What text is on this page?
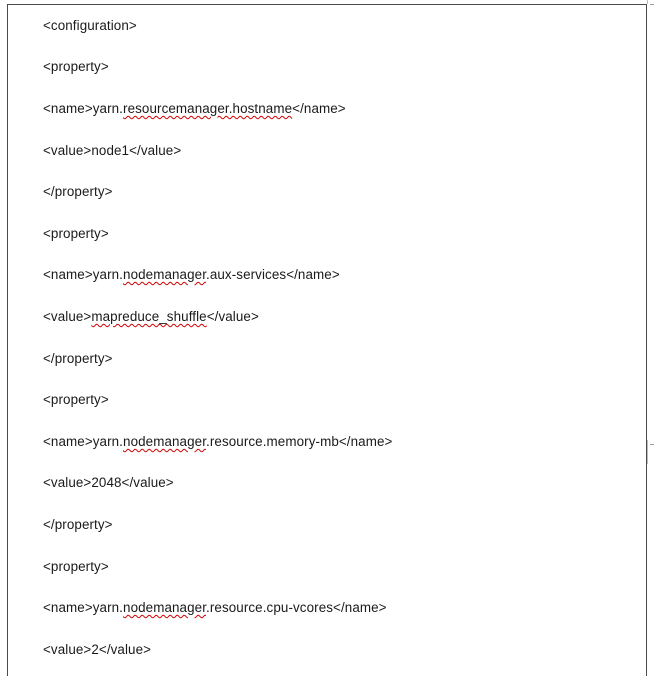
<configuration>
<property>
<name>yarn.resourcemanager.hostname</name>
<value>node1</value>
</property>
<property>
<name>yarn.nodemanager.aux-services</name>
<value>mapreduce_shuffle</value>
</property>
<property>
<name>yarn.nodemanager.resource.memory-mb</name>
<value>2048</value>
</property>
<property>
<name>yarn.nodemanager.resource.cpu-vcores</name>
<value>2</value>
